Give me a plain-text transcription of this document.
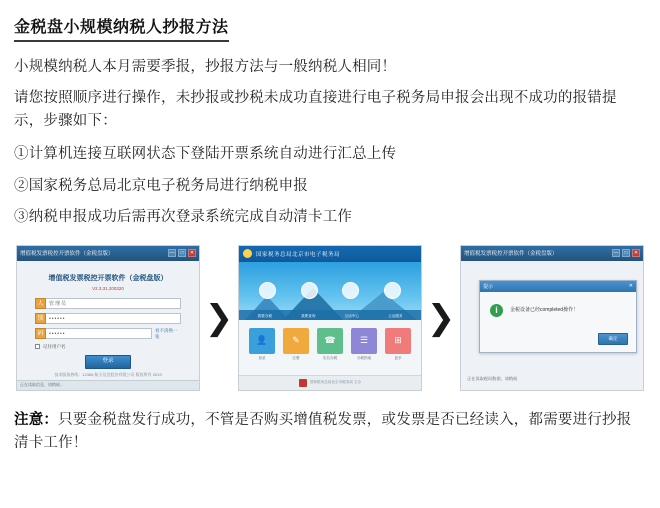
金税盘小规模纳税人抄报方法

小规模纳税人本月需要季报，抄报方法与一般纳税人相同！

请您按照顺序进行操作，未抄报或抄税未成功直接进行电子税务局申报会出现不成功的报错提示，步骤如下：

①计算机连接互联网状态下登陆开票系统自动进行汇总上传
②国家税务总局北京电子税务局进行纳税申报
③纳税申报成功后需再次登录系统完成自动清卡工作
增值税发票税控开票软件（金税盘版）	—	□	✕
增值税发票税控开票软件（金税盘版）
V2.3.31.200320
人	管理员
锁	••••••
码	••••••
看不清换一张
记住用户名
登录
技术服务热线：12366 航天信息股份有限公司 版权所有 2019
正在读取信息，请稍候...
❯
国家税务总局北京市电子税务局
我要办税	我要查询	互动中心	公众服务
👤	✎	☎	☰	⊞
登录	注册	实名办税	办税指南	更多
国家税务总局北京市税务局 主办
❯
增值税发票税控开票软件（金税盘版）	—	□	✕
提示	✕
i	金税设备已经completed操作！
确定
正在读取税局数据，请稍候
注意：只要金税盘发行成功，不管是否购买增值税发票，或发票是否已经读入，都需要进行抄报清卡工作！
